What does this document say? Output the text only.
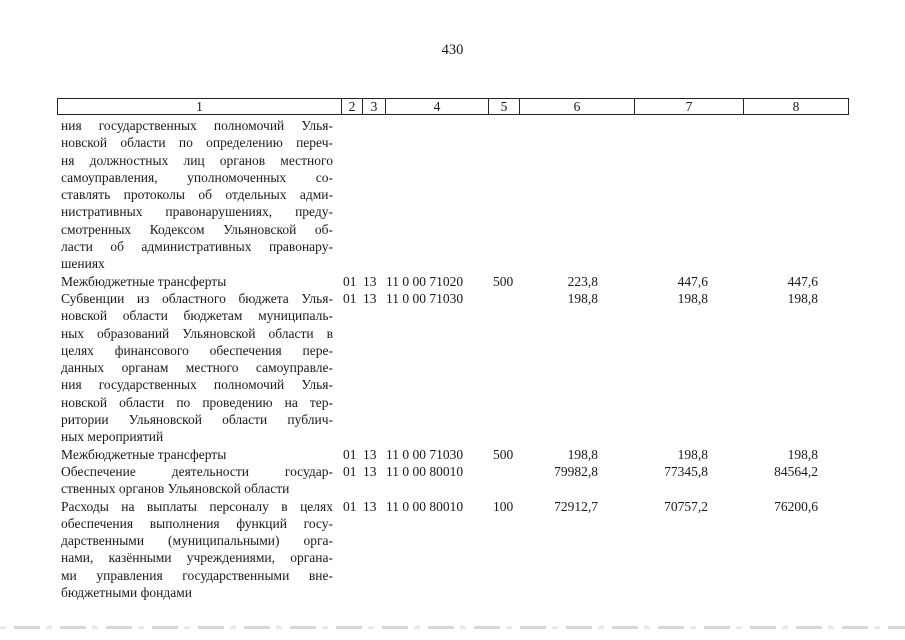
430
1	2	3	4	5	6	7	8
ния государственных полномочий Улья-
новской области по определению переч-
ня должностных лиц органов местного
самоуправления, уполномоченных со-
ставлять протоколы об отдельных адми-
нистративных правонарушениях, преду-
смотренных Кодексом Ульяновской об-
ласти об административных правонару-
шениях
Межбюджетные трансферты	01 13 11 0 00 71020 500	223,8	447,6	447,6
Субвенции из областного бюджета Улья-
новской области бюджетам муниципаль-
ных образований Ульяновской области в
целях финансового обеспечения пере-
данных органам местного самоуправле-
ния государственных полномочий Улья-
новской области по проведению на тер-
ритории Ульяновской области публич-
ных мероприятий
01 13 11 0 00 71030	198,8	198,8	198,8
Межбюджетные трансферты	01 13 11 0 00 71030 500	198,8	198,8	198,8
Обеспечение деятельности государ-
ственных органов Ульяновской области
01 13 11 0 00 80010	79982,8	77345,8	84564,2
Расходы на выплаты персоналу в целях
обеспечения выполнения функций госу-
дарственными (муниципальными) орга-
нами, казёнными учреждениями, органа-
ми управления государственными вне-
бюджетными фондами
01 13 11 0 00 80010 100	72912,7	70757,2	76200,6
